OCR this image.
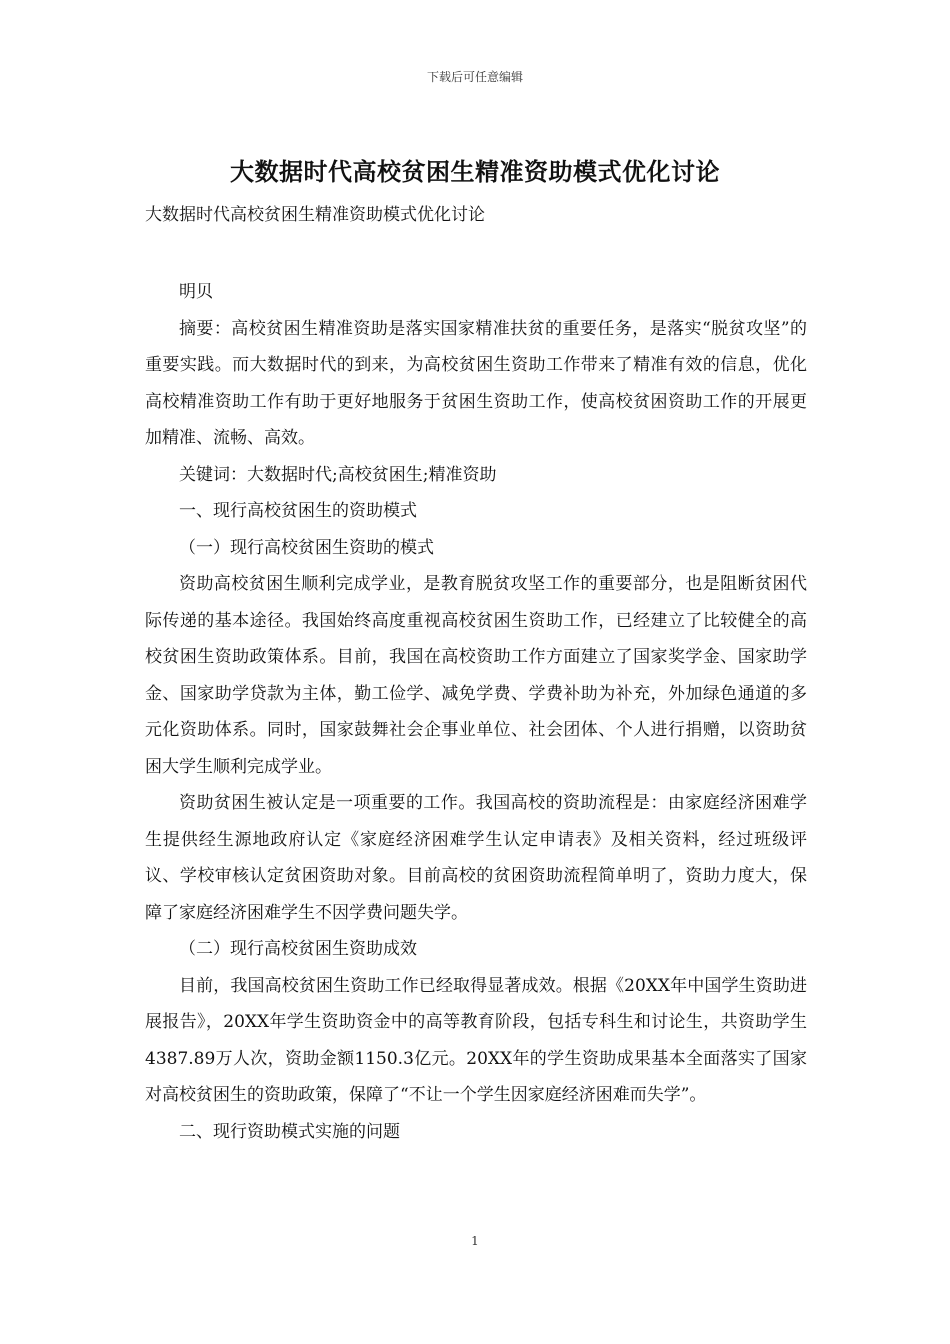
下载后可任意编辑
大数据时代高校贫困生精准资助模式优化讨论
大数据时代高校贫困生精准资助模式优化讨论

明贝

摘要：高校贫困生精准资助是落实国家精准扶贫的重要任务，是落实“脱贫攻坚”的重要实践。而大数据时代的到来，为高校贫困生资助工作带来了精准有效的信息，优化高校精准资助工作有助于更好地服务于贫困生资助工作，使高校贫困资助工作的开展更加精准、流畅、高效。

关键词：大数据时代;高校贫困生;精准资助

一、现行高校贫困生的资助模式

（一）现行高校贫困生资助的模式

资助高校贫困生顺利完成学业，是教育脱贫攻坚工作的重要部分，也是阻断贫困代际传递的基本途径。我国始终高度重视高校贫困生资助工作，已经建立了比较健全的高校贫困生资助政策体系。目前，我国在高校资助工作方面建立了国家奖学金、国家助学金、国家助学贷款为主体，勤工俭学、减免学费、学费补助为补充，外加绿色通道的多元化资助体系。同时，国家鼓舞社会企事业单位、社会团体、个人进行捐赠，以资助贫困大学生顺利完成学业。

资助贫困生被认定是一项重要的工作。我国高校的资助流程是：由家庭经济困难学生提供经生源地政府认定《家庭经济困难学生认定申请表》及相关资料，经过班级评议、学校审核认定贫困资助对象。目前高校的贫困资助流程简单明了，资助力度大，保障了家庭经济困难学生不因学费问题失学。

（二）现行高校贫困生资助成效

目前，我国高校贫困生资助工作已经取得显著成效。根据《20XX年中国学生资助进展报告》，20XX年学生资助资金中的高等教育阶段，包括专科生和讨论生，共资助学生4387.89万人次，资助金额1150.3亿元。20XX年的学生资助成果基本全面落实了国家对高校贫困生的资助政策，保障了“不让一个学生因家庭经济困难而失学”。

二、现行资助模式实施的问题

1
